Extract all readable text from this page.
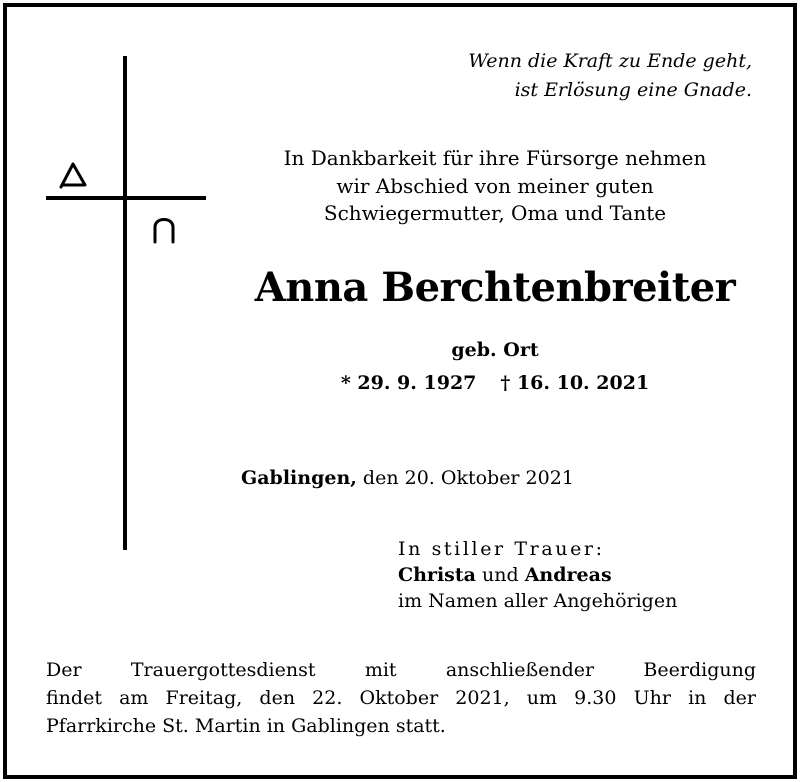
Wenn die Kraft zu Ende geht,
ist Erlösung eine Gnade.
In Dankbarkeit für ihre Fürsorge nehmen
wir Abschied von meiner guten
Schwiegermutter, Oma und Tante
Anna Berchtenbreiter
geb. Ort
* 29. 9. 1927 † 16. 10. 2021
Gablingen, den 20. Oktober 2021
In stiller Trauer:
Christa und Andreas
im Namen aller Angehörigen
Der Trauergottesdienst mit anschließender Beerdigung
findet am Freitag, den 22. Oktober 2021, um 9.30 Uhr in der
Pfarrkirche St. Martin in Gablingen statt.
